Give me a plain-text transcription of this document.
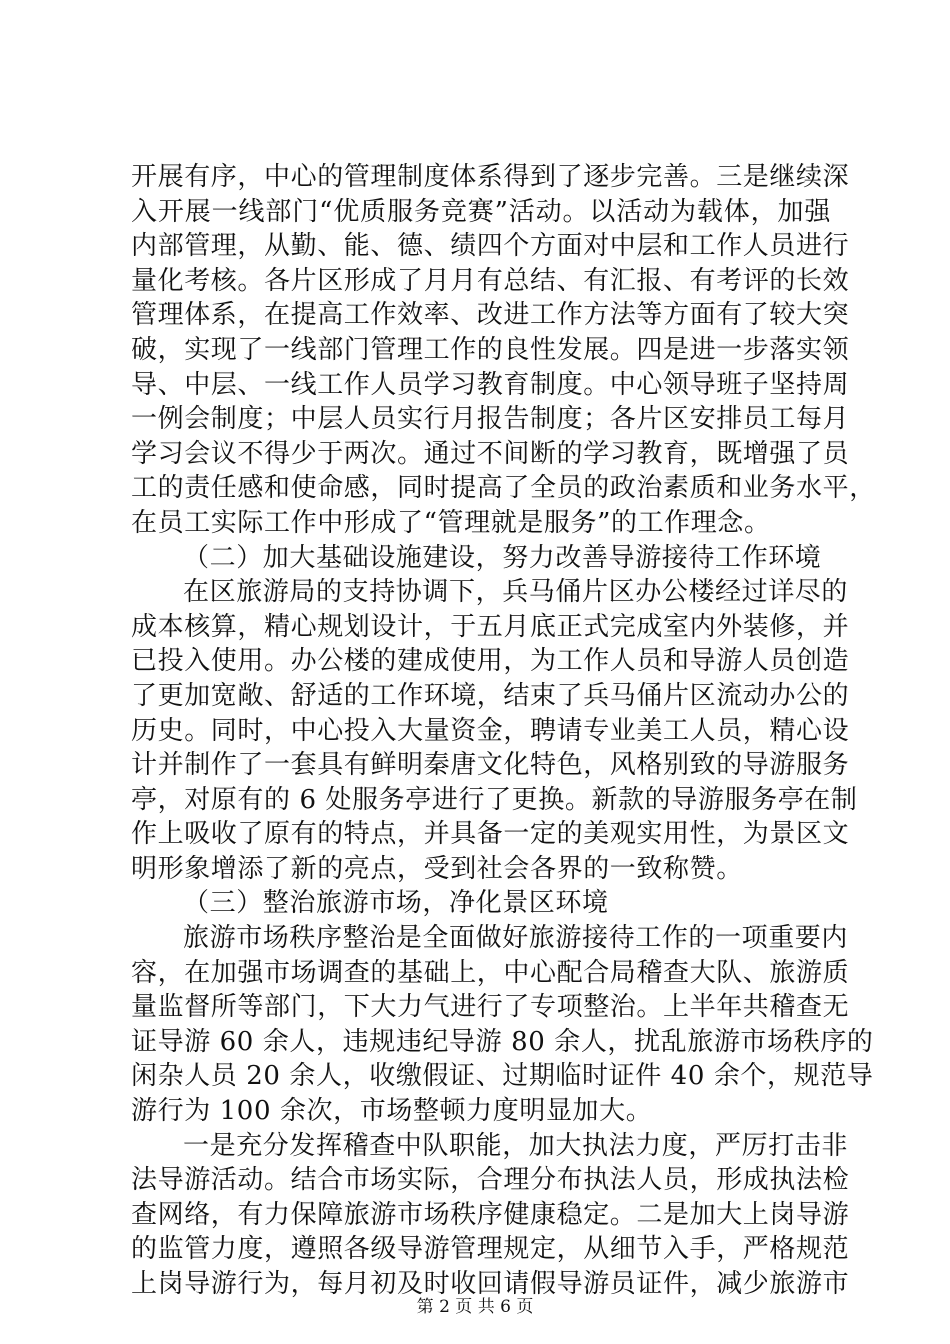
开展有序，中心的管理制度体系得到了逐步完善。三是继续深
入开展一线部门“优质服务竞赛”活动。以活动为载体，加强
内部管理，从勤、能、德、绩四个方面对中层和工作人员进行
量化考核。各片区形成了月月有总结、有汇报、有考评的长效
管理体系，在提高工作效率、改进工作方法等方面有了较大突
破，实现了一线部门管理工作的良性发展。四是进一步落实领
导、中层、一线工作人员学习教育制度。中心领导班子坚持周
一例会制度；中层人员实行月报告制度；各片区安排员工每月
学习会议不得少于两次。通过不间断的学习教育，既增强了员
工的责任感和使命感，同时提高了全员的政治素质和业务水平，
在员工实际工作中形成了“管理就是服务”的工作理念。
（二）加大基础设施建设，努力改善导游接待工作环境
在区旅游局的支持协调下，兵马俑片区办公楼经过详尽的
成本核算，精心规划设计，于五月底正式完成室内外装修，并
已投入使用。办公楼的建成使用，为工作人员和导游人员创造
了更加宽敞、舒适的工作环境，结束了兵马俑片区流动办公的
历史。同时，中心投入大量资金，聘请专业美工人员，精心设
计并制作了一套具有鲜明秦唐文化特色，风格别致的导游服务
亭，对原有的 6 处服务亭进行了更换。新款的导游服务亭在制
作上吸收了原有的特点，并具备一定的美观实用性，为景区文
明形象增添了新的亮点，受到社会各界的一致称赞。
（三）整治旅游市场，净化景区环境
旅游市场秩序整治是全面做好旅游接待工作的一项重要内
容，在加强市场调查的基础上，中心配合局稽查大队、旅游质
量监督所等部门，下大力气进行了专项整治。上半年共稽查无
证导游 60 余人，违规违纪导游 80 余人，扰乱旅游市场秩序的
闲杂人员 20 余人，收缴假证、过期临时证件 40 余个，规范导
游行为 100 余次，市场整顿力度明显加大。
一是充分发挥稽查中队职能，加大执法力度，严厉打击非
法导游活动。结合市场实际，合理分布执法人员，形成执法检
查网络，有力保障旅游市场秩序健康稳定。二是加大上岗导游
的监管力度，遵照各级导游管理规定，从细节入手，严格规范
上岗导游行为，每月初及时收回请假导游员证件，减少旅游市
第 2 页 共 6 页
